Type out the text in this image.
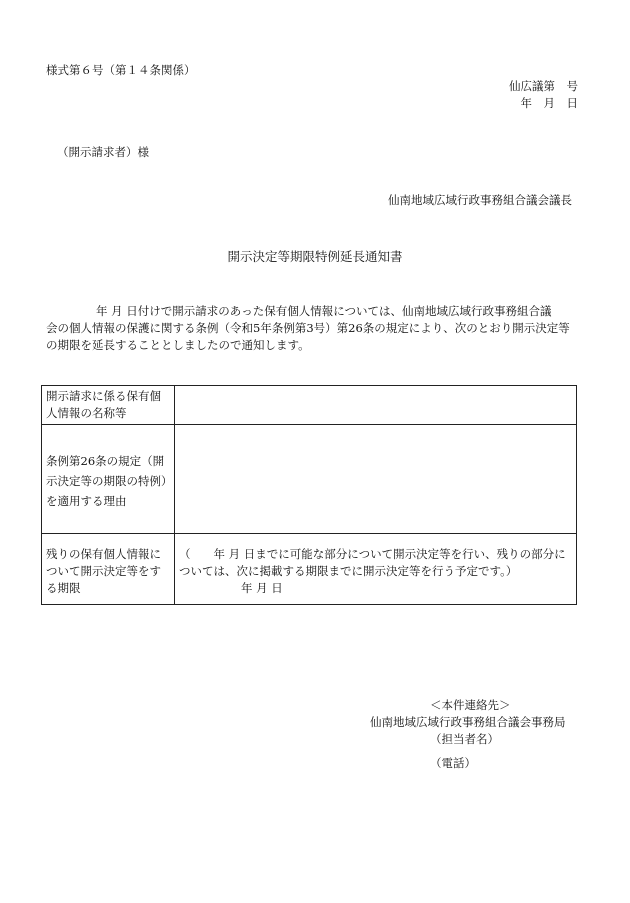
様式第６号（第１４条関係）
仙広議第　号
年　月　日
（開示請求者）様
仙南地域広域行政事務組合議会議長
開示決定等期限特例延長通知書

年 月 日付けで開示請求のあった保有個人情報については、仙南地域広域行政事務組合議

会の個人情報の保護に関する条例（令和5年条例第3号）第26条の規定により、次のとおり開示決定等

の期限を延長することとしましたので通知します。

開示請求に係る保有個人情報の名称等	
条例第26条の規定（開示決定等の期限の特例）を適用する理由	
残りの保有個人情報について開示決定等をする期限	（　　年 月 日までに可能な部分について開示決定等を行い、残りの部分については、次に掲載する期限までに開示決定等を行う予定です。）
年 月 日
＜本件連絡先＞
仙南地域広域行政事務組合議会事務局
（担当者名）
（電話）
